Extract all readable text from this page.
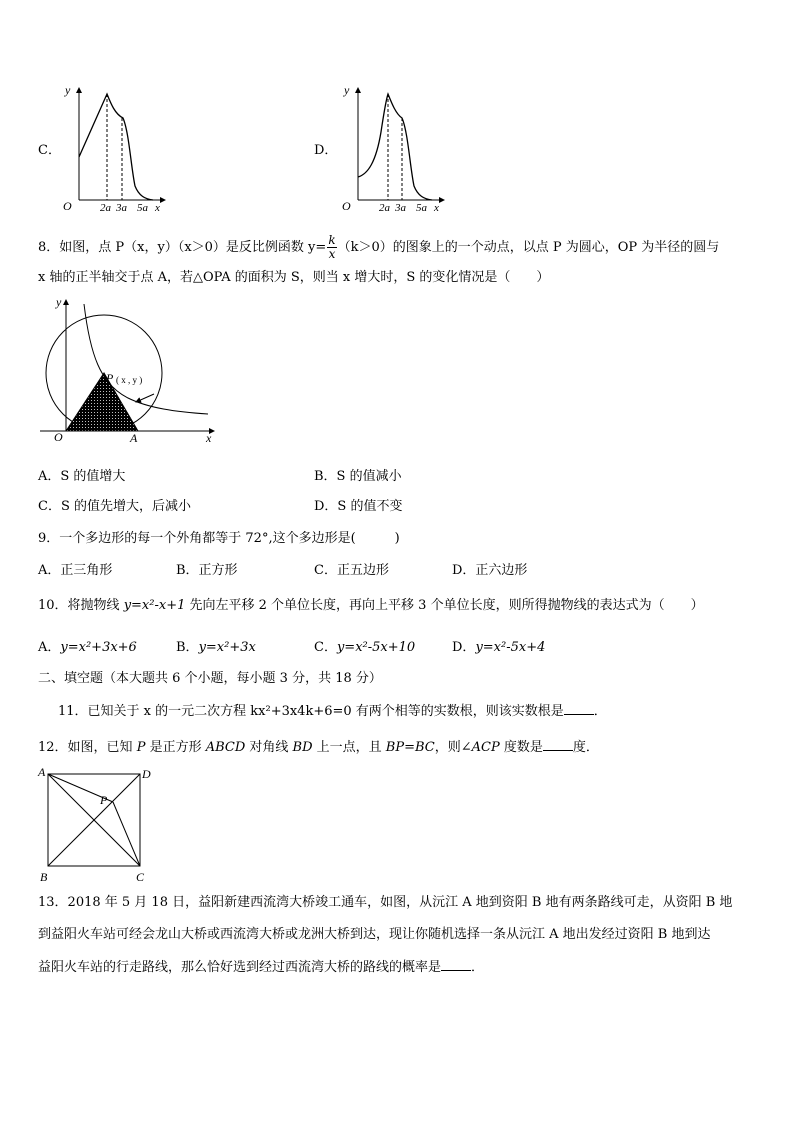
C．
y
O	2a 3a 5a x
D．
y
O	2a 3a 5a x
8．如图，点 P（x，y）（x＞0）是反比例函数 $y= \frac{k}{x} (k>0)$的图象上的一个动点，以点 P 为圆心，OP 为半径的圆与
x 轴的正半轴交于点 A，若△OPA 的面积为 S，则当 x 增大时，S 的变化情况是（　　）
y
O	A	x
P ( x , y )
A．S 的值增大	B．S 的值减小
C．S 的值先增大，后减小	D．S 的值不变
9．一个多边形的每一个外角都等于 72°,这个多边形是(　　　)
A．正三角形	B．正方形	C．正五边形	D．正六边形
10．将抛物线 y=x²-x+1 先向左平移 2 个单位长度，再向上平移 3 个单位长度，则所得抛物线的表达式为（　　）
A．y=x²+3x+6	B．y=x²+3x	C．y=x²-5x+10	D．y=x²-5x+4
二、填空题（本大题共 6 个小题，每小题 3 分，共 18 分）
11．已知关于 x 的一元二次方程 kx²+3x4k+6=0 有两个相等的实数根，则该实数根是 ．
12．如图，已知 P 是正方形 ABCD 对角线 BD 上一点，且 BP=BC，则∠ACP 度数是 度．
A	D
B	C
P
13．2018 年 5 月 18 日，益阳新建西流湾大桥竣工通车，如图，从沅江 A 地到资阳 B 地有两条路线可走，从资阳 B 地
到益阳火车站可经会龙山大桥或西流湾大桥或龙洲大桥到达，现让你随机选择一条从沅江 A 地出发经过资阳 B 地到达
益阳火车站的行走路线，那么恰好选到经过西流湾大桥的路线的概率是 ．
